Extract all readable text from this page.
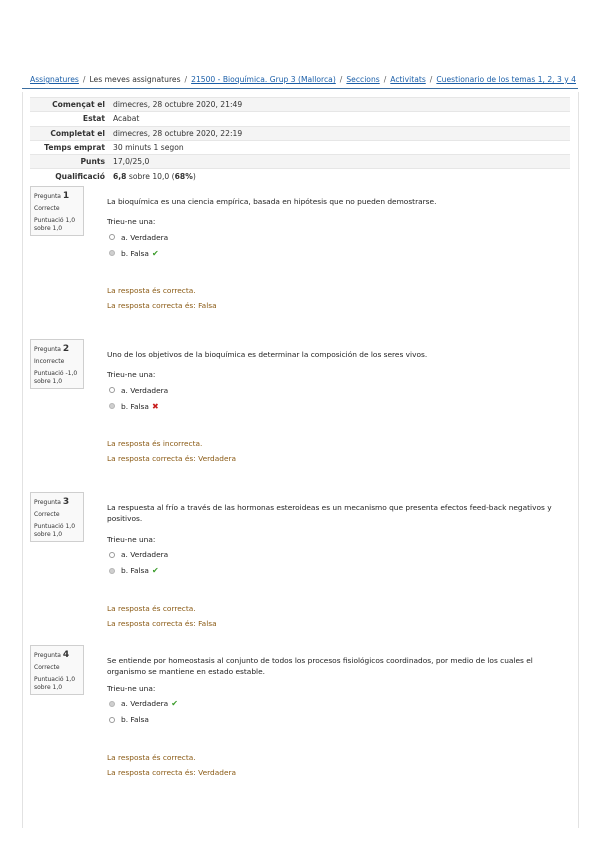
Assignatures / Les meves assignatures / 21500 - Bioquímica. Grup 3 (Mallorca) / Seccions / Activitats / Cuestionario de los temas 1, 2, 3 y 4
Començat el	dimecres, 28 octubre 2020, 21:49
Estat	Acabat
Completat el	dimecres, 28 octubre 2020, 22:19
Temps emprat	30 minuts 1 segon
Punts	17,0/25,0
Qualificació	6,8 sobre 10,0 (68%)
Pregunta 1
Correcte
Puntuació 1,0 sobre 1,0
La bioquímica es una ciencia empírica, basada en hipótesis que no pueden demostrarse.
Trieu-ne una:
a. Verdadera
b. Falsa ✔
La resposta és correcta.
La resposta correcta és: Falsa
Pregunta 2
Incorrecte
Puntuació -1,0 sobre 1,0
Uno de los objetivos de la bioquímica es determinar la composición de los seres vivos.
Trieu-ne una:
a. Verdadera
b. Falsa ✖
La resposta és incorrecta.
La resposta correcta és: Verdadera
Pregunta 3
Correcte
Puntuació 1,0 sobre 1,0
La respuesta al frío a través de las hormonas esteroideas es un mecanismo que presenta efectos feed-back negativos y positivos.
Trieu-ne una:
a. Verdadera
b. Falsa ✔
La resposta és correcta.
La resposta correcta és: Falsa
Pregunta 4
Correcte
Puntuació 1,0 sobre 1,0
Se entiende por homeostasis al conjunto de todos los procesos fisiológicos coordinados, por medio de los cuales el organismo se mantiene en estado estable.
Trieu-ne una:
a. Verdadera ✔
b. Falsa
La resposta és correcta.
La resposta correcta és: Verdadera
